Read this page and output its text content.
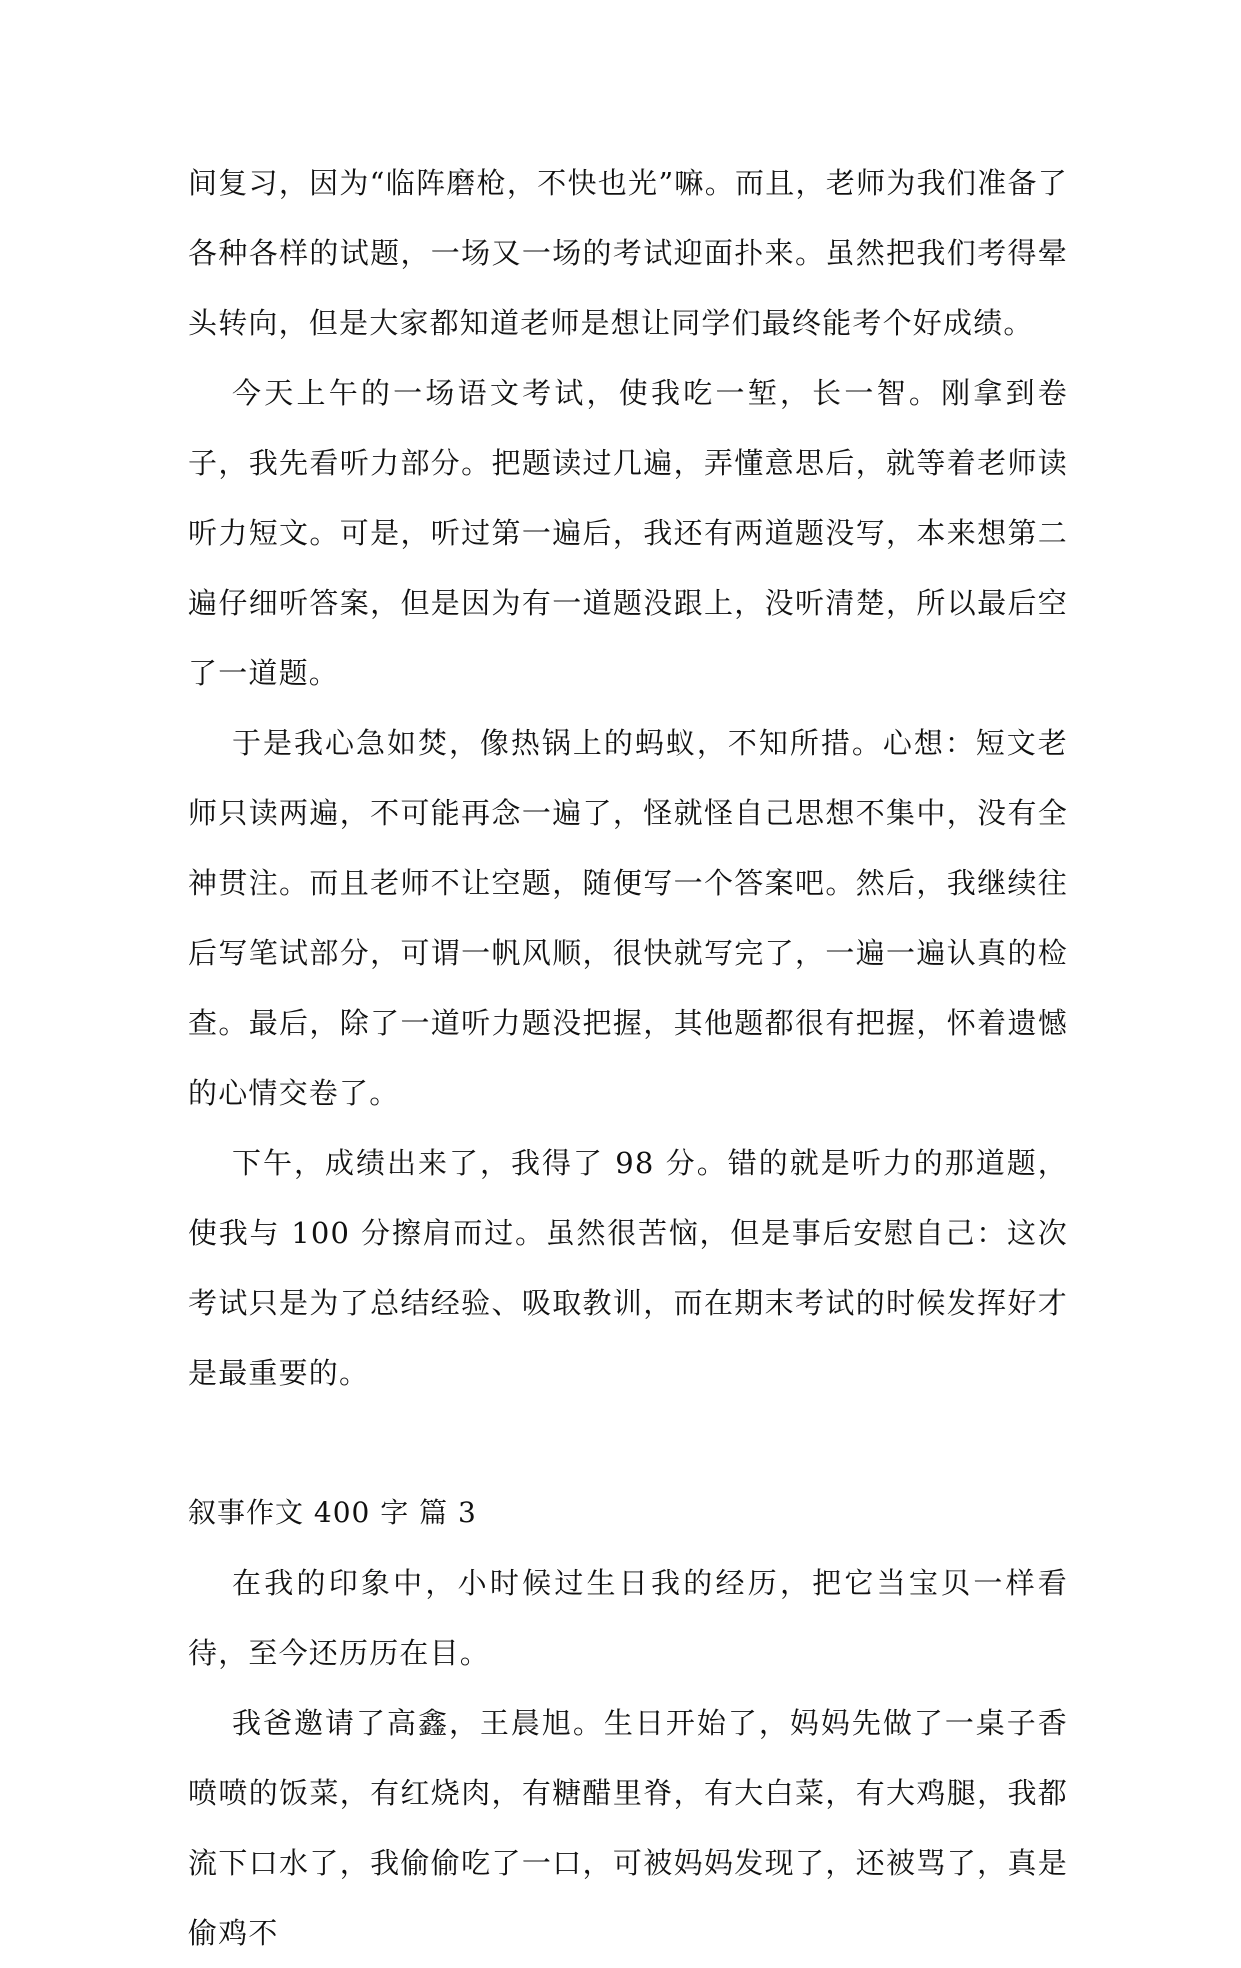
间复习，因为“临阵磨枪，不快也光”嘛。而且，老师为我们准备了各种各样的试题，一场又一场的考试迎面扑来。虽然把我们考得晕头转向，但是大家都知道老师是想让同学们最终能考个好成绩。

今天上午的一场语文考试，使我吃一堑，长一智。刚拿到卷子，我先看听力部分。把题读过几遍，弄懂意思后，就等着老师读听力短文。可是，听过第一遍后，我还有两道题没写，本来想第二遍仔细听答案，但是因为有一道题没跟上，没听清楚，所以最后空了一道题。

于是我心急如焚，像热锅上的蚂蚁，不知所措。心想：短文老师只读两遍，不可能再念一遍了，怪就怪自己思想不集中，没有全神贯注。而且老师不让空题，随便写一个答案吧。然后，我继续往后写笔试部分，可谓一帆风顺，很快就写完了，一遍一遍认真的检查。最后，除了一道听力题没把握，其他题都很有把握，怀着遗憾的心情交卷了。

下午，成绩出来了，我得了 98 分。错的就是听力的那道题，使我与 100 分擦肩而过。虽然很苦恼，但是事后安慰自己：这次考试只是为了总结经验、吸取教训，而在期末考试的时候发挥好才是最重要的。

叙事作文 400 字 篇 3

在我的印象中，小时候过生日我的经历，把它当宝贝一样看待，至今还历历在目。

我爸邀请了高鑫，王晨旭。生日开始了，妈妈先做了一桌子香喷喷的饭菜，有红烧肉，有糖醋里脊，有大白菜，有大鸡腿，我都流下口水了，我偷偷吃了一口，可被妈妈发现了，还被骂了，真是偷鸡不
